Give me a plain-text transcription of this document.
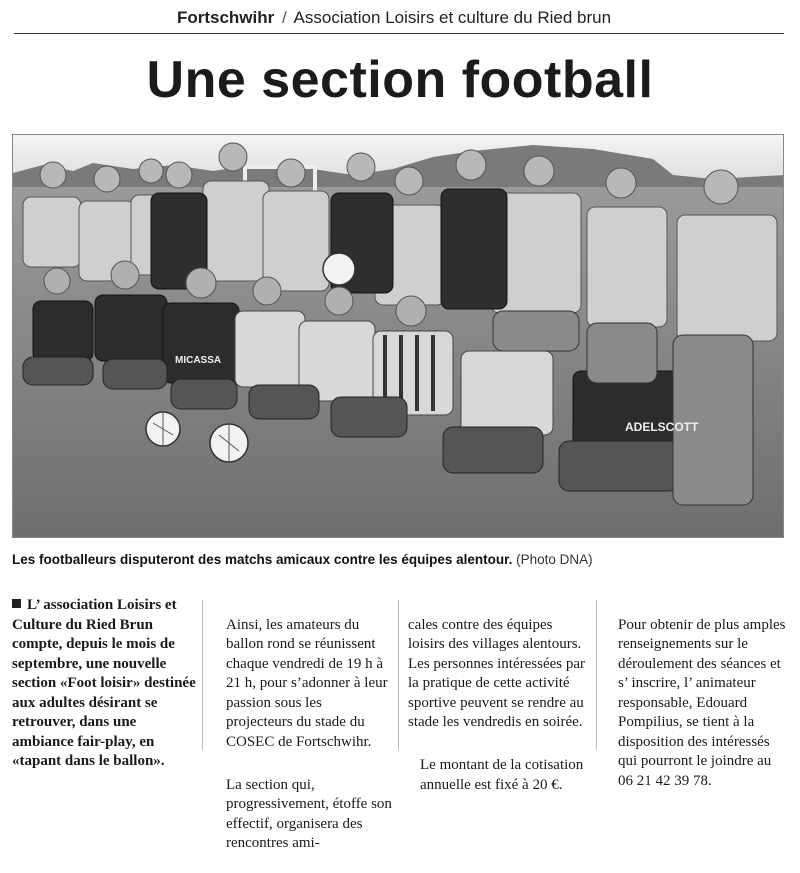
Fortschwihr / Association Loisirs et culture du Ried brun
Une section football
ADELSCOTT
MICASSA
Les footballeurs disputeront des matchs amicaux contre les équipes alentour. (Photo DNA)
L’ association Loisirs et
Culture du Ried Brun compte, depuis le mois de septembre, une nouvelle section «Foot loisir» destinée aux adultes désirant se retrouver, dans une ambiance fair-play, en «tapant dans le ballon».

Ainsi, les amateurs du ballon rond se réunissent chaque vendredi de 19 h à 21 h, pour s’adonner à leur passion sous les projecteurs du stade du COSEC de Fortschwihr.

La section qui, progressivement, étoffe son effectif, organisera des rencontres ami-

cales contre des équipes loisirs des villages alentours. Les personnes intéressées par la pratique de cette activité sportive peuvent se rendre au stade les vendredis en soirée.

Le montant de la cotisation annuelle est fixé à 20 €.

Pour obtenir de plus amples renseignements sur le déroulement des séances et s’ inscrire, l’ animateur responsable, Edouard Pompilius, se tient à la disposition des intéressés qui pourront le joindre au 06 21 42 39 78.
